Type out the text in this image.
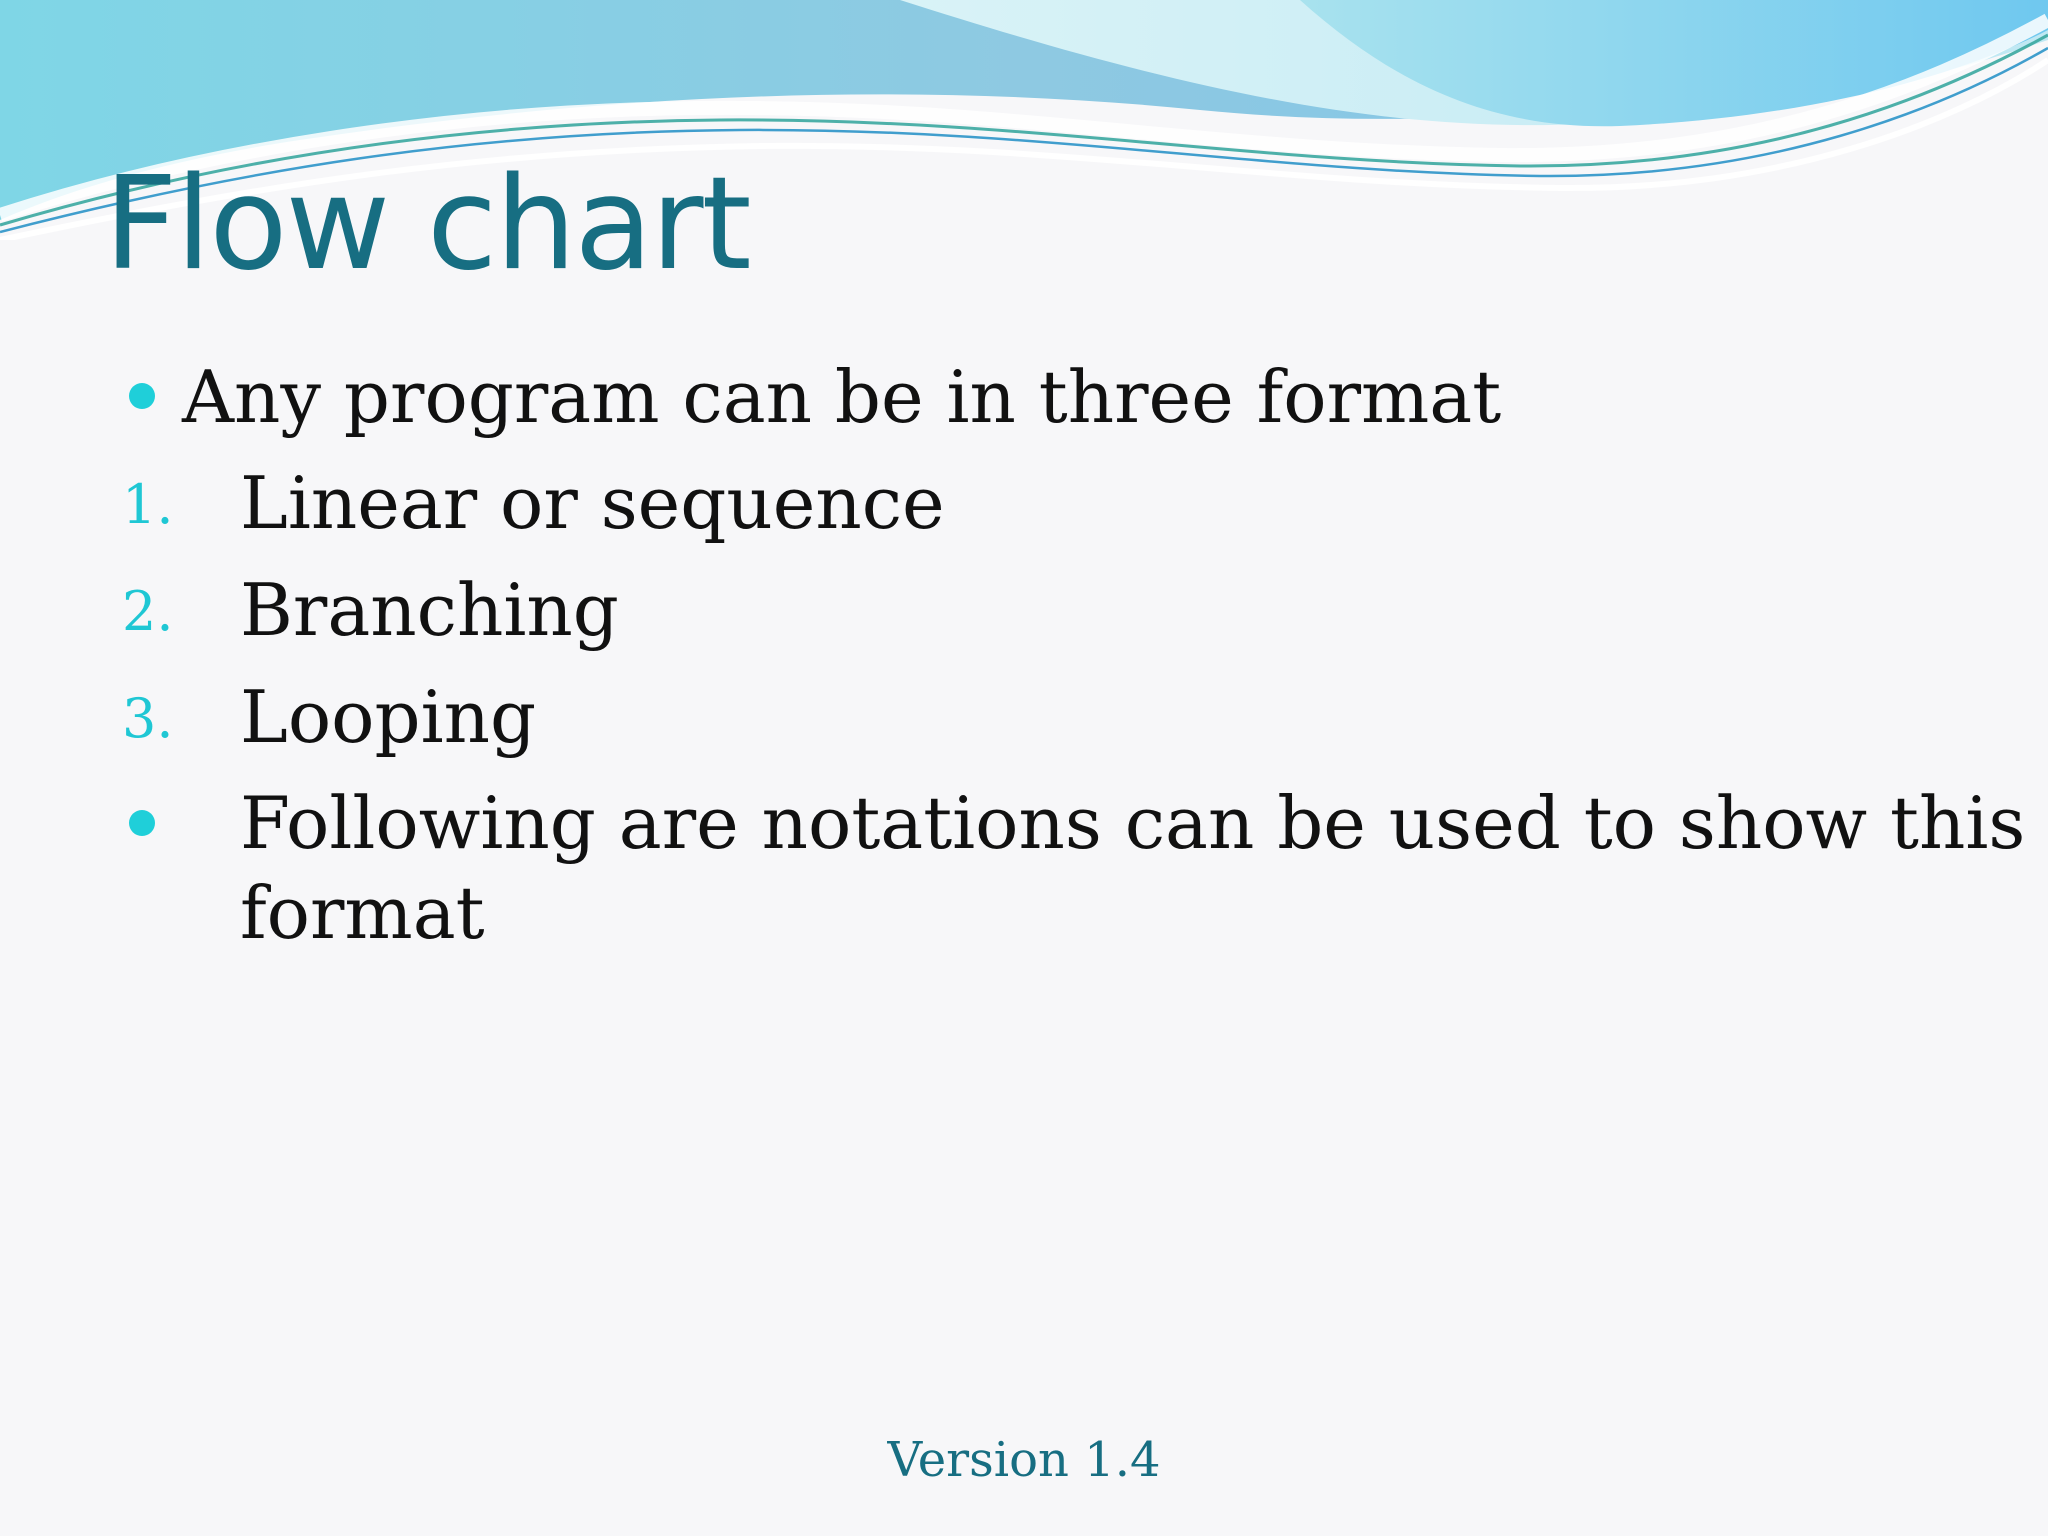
Flow chart
Any program can be in three format
1. Linear or sequence
2. Branching
3. Looping
Following are notations can be used to show this
format
Version 1.4
